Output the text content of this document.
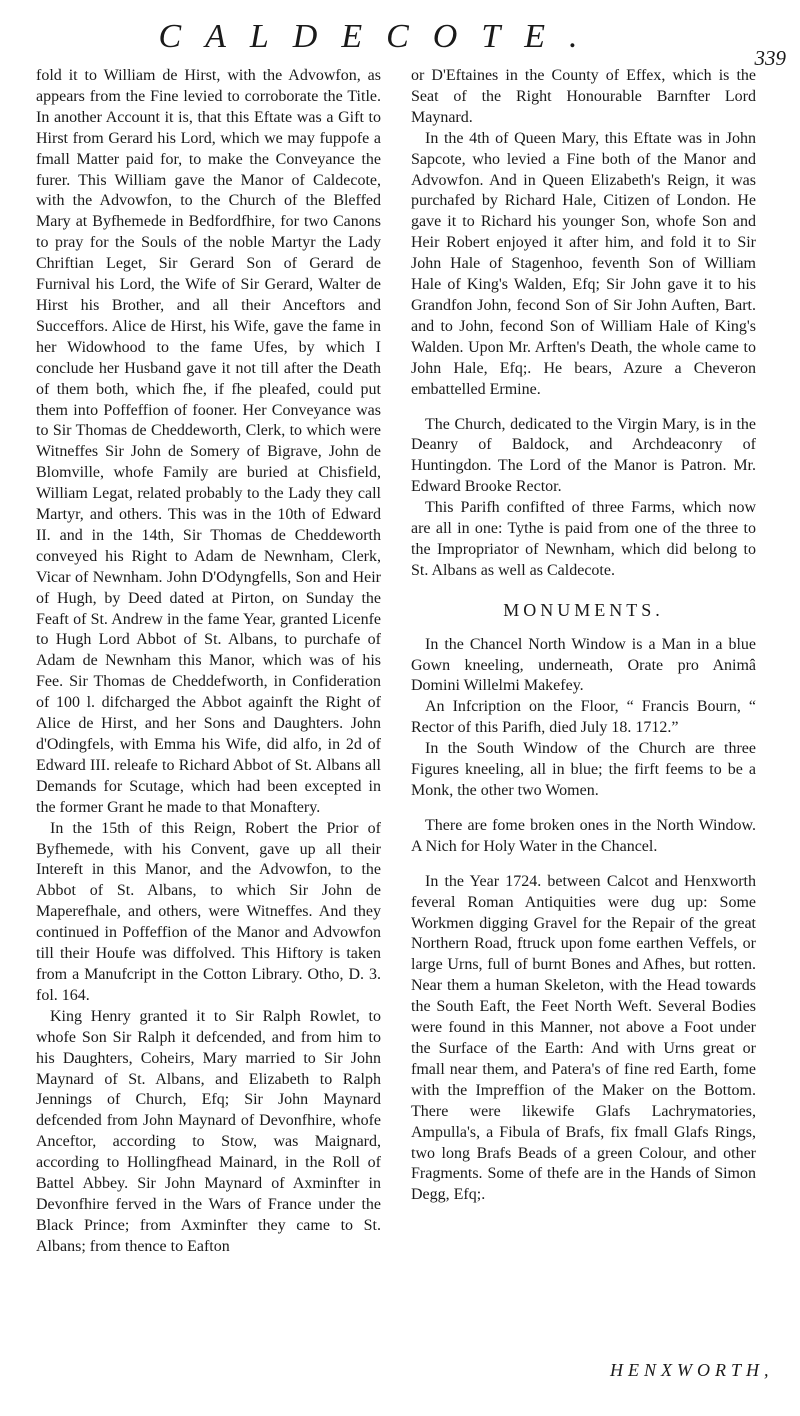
CALDECOTE.
339

fold it to William de Hirst, with the Advowfon, as appears from the Fine levied to corroborate the Title. In another Account it is, that this Eftate was a Gift to Hirst from Gerard his Lord, which we may fuppofe a fmall Matter paid for, to make the Conveyance the furer. This William gave the Manor of Caldecote, with the Advowfon, to the Church of the Bleffed Mary at Byfhemede in Bedfordfhire, for two Canons to pray for the Souls of the noble Martyr the Lady Chriftian Leget, Sir Gerard Son of Gerard de Furnival his Lord, the Wife of Sir Gerard, Walter de Hirst his Brother, and all their Anceftors and Succeffors. Alice de Hirst, his Wife, gave the fame in her Widowhood to the fame Ufes, by which I conclude her Husband gave it not till after the Death of them both, which fhe, if fhe pleafed, could put them into Poffeffion of fooner. Her Conveyance was to Sir Thomas de Cheddeworth, Clerk, to which were Witneffes Sir John de Somery of Bigrave, John de Blomville, whofe Family are buried at Chisfield, William Legat, related probably to the Lady they call Martyr, and others. This was in the 10th of Edward II. and in the 14th, Sir Thomas de Cheddeworth conveyed his Right to Adam de Newnham, Clerk, Vicar of Newnham. John D'Odyngfells, Son and Heir of Hugh, by Deed dated at Pirton, on Sunday the Feaft of St. Andrew in the fame Year, granted Licenfe to Hugh Lord Abbot of St. Albans, to purchafe of Adam de Newnham this Manor, which was of his Fee. Sir Thomas de Cheddefworth, in Confideration of 100 l. difcharged the Abbot againft the Right of Alice de Hirst, and her Sons and Daughters. John d'Odingfels, with Emma his Wife, did alfo, in 2d of Edward III. releafe to Richard Abbot of St. Albans all Demands for Scutage, which had been excepted in the former Grant he made to that Monaftery.

In the 15th of this Reign, Robert the Prior of Byfhemede, with his Convent, gave up all their Intereft in this Manor, and the Advowfon, to the Abbot of St. Albans, to which Sir John de Maperefhale, and others, were Witneffes. And they continued in Poffeffion of the Manor and Advowfon till their Houfe was diffolved. This Hiftory is taken from a Manufcript in the Cotton Library. Otho, D. 3. fol. 164.

King Henry granted it to Sir Ralph Rowlet, to whofe Son Sir Ralph it defcended, and from him to his Daughters, Coheirs, Mary married to Sir John Maynard of St. Albans, and Elizabeth to Ralph Jennings of Church, Efq; Sir John Maynard defcended from John Maynard of Devonfhire, whofe Anceftor, according to Stow, was Maignard, according to Hollingfhead Mainard, in the Roll of Battel Abbey. Sir John Maynard of Axminfter in Devonfhire ferved in the Wars of France under the Black Prince; from Axminfter they came to St. Albans; from thence to Eafton

or D'Eftaines in the County of Effex, which is the Seat of the Right Honourable Barnfter Lord Maynard.

In the 4th of Queen Mary, this Eftate was in John Sapcote, who levied a Fine both of the Manor and Advowfon. And in Queen Elizabeth's Reign, it was purchafed by Richard Hale, Citizen of London. He gave it to Richard his younger Son, whofe Son and Heir Robert enjoyed it after him, and fold it to Sir John Hale of Stagenhoo, feventh Son of William Hale of King's Walden, Efq; Sir John gave it to his Grandfon John, fecond Son of Sir John Auften, Bart. and to John, fecond Son of William Hale of King's Walden. Upon Mr. Arften's Death, the whole came to John Hale, Efq;. He bears, Azure a Cheveron embattelled Ermine.

The Church, dedicated to the Virgin Mary, is in the Deanry of Baldock, and Archdeaconry of Huntingdon. The Lord of the Manor is Patron. Mr. Edward Brooke Rector.

This Parifh confifted of three Farms, which now are all in one: Tythe is paid from one of the three to the Impropriator of Newnham, which did belong to St. Albans as well as Caldecote.

MONUMENTS.

In the Chancel North Window is a Man in a blue Gown kneeling, underneath, Orate pro Animâ Domini Willelmi Makefey.

An Infcription on the Floor, “ Francis Bourn, “ Rector of this Parifh, died July 18. 1712.”

In the South Window of the Church are three Figures kneeling, all in blue; the firft feems to be a Monk, the other two Women.

There are fome broken ones in the North Window. A Nich for Holy Water in the Chancel.

In the Year 1724. between Calcot and Henxworth feveral Roman Antiquities were dug up: Some Workmen digging Gravel for the Repair of the great Northern Road, ftruck upon fome earthen Veffels, or large Urns, full of burnt Bones and Afhes, but rotten. Near them a human Skeleton, with the Head towards the South Eaft, the Feet North Weft. Several Bodies were found in this Manner, not above a Foot under the Surface of the Earth: And with Urns great or fmall near them, and Patera's of fine red Earth, fome with the Impreffion of the Maker on the Bottom. There were likewife Glafs Lachrymatories, Ampulla's, a Fibula of Brafs, fix fmall Glafs Rings, two long Brafs Beads of a green Colour, and other Fragments. Some of thefe are in the Hands of Simon Degg, Efq;.

HENXWORTH,
